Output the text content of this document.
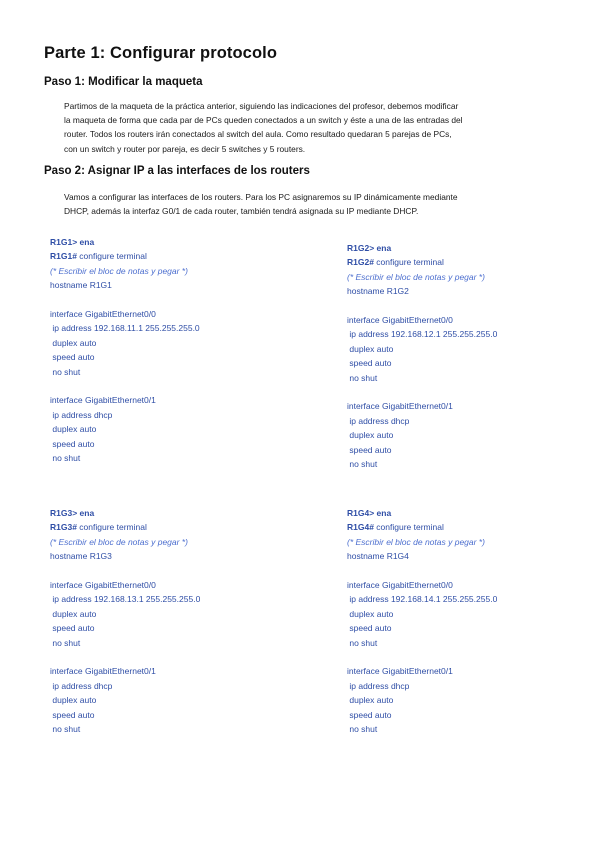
Parte 1: Configurar protocolo
Paso 1: Modificar la maqueta
Partimos de la maqueta de la práctica anterior, siguiendo las indicaciones del profesor, debemos modificar
la maqueta de forma que cada par de PCs queden conectados a un switch y éste a una de las entradas del
router. Todos los routers irán conectados al switch del aula. Como resultado quedaran 5 parejas de PCs,
con un switch y router por pareja, es decir 5 switches y 5 routers.
Paso 2: Asignar IP a las interfaces de los routers
Vamos a configurar las interfaces de los routers. Para los PC asignaremos su IP dinámicamente mediante
DHCP, además la interfaz G0/1 de cada router, también tendrá asignada su IP mediante DHCP.
R1G1> ena
R1G1# configure terminal
(* Escribir el bloc de notas y pegar *)
hostname R1G1
interface GigabitEthernet0/0
ip address 192.168.11.1 255.255.255.0
duplex auto
speed auto
no shut
interface GigabitEthernet0/1
ip address dhcp
duplex auto
speed auto
no shut
R1G2> ena
R1G2# configure terminal
(* Escribir el bloc de notas y pegar *)
hostname R1G2
interface GigabitEthernet0/0
ip address 192.168.12.1 255.255.255.0
duplex auto
speed auto
no shut
interface GigabitEthernet0/1
ip address dhcp
duplex auto
speed auto
no shut
R1G3> ena
R1G3# configure terminal
(* Escribir el bloc de notas y pegar *)
hostname R1G3
interface GigabitEthernet0/0
ip address 192.168.13.1 255.255.255.0
duplex auto
speed auto
no shut
interface GigabitEthernet0/1
ip address dhcp
duplex auto
speed auto
no shut
R1G4> ena
R1G4# configure terminal
(* Escribir el bloc de notas y pegar *)
hostname R1G4
interface GigabitEthernet0/0
ip address 192.168.14.1 255.255.255.0
duplex auto
speed auto
no shut
interface GigabitEthernet0/1
ip address dhcp
duplex auto
speed auto
no shut
